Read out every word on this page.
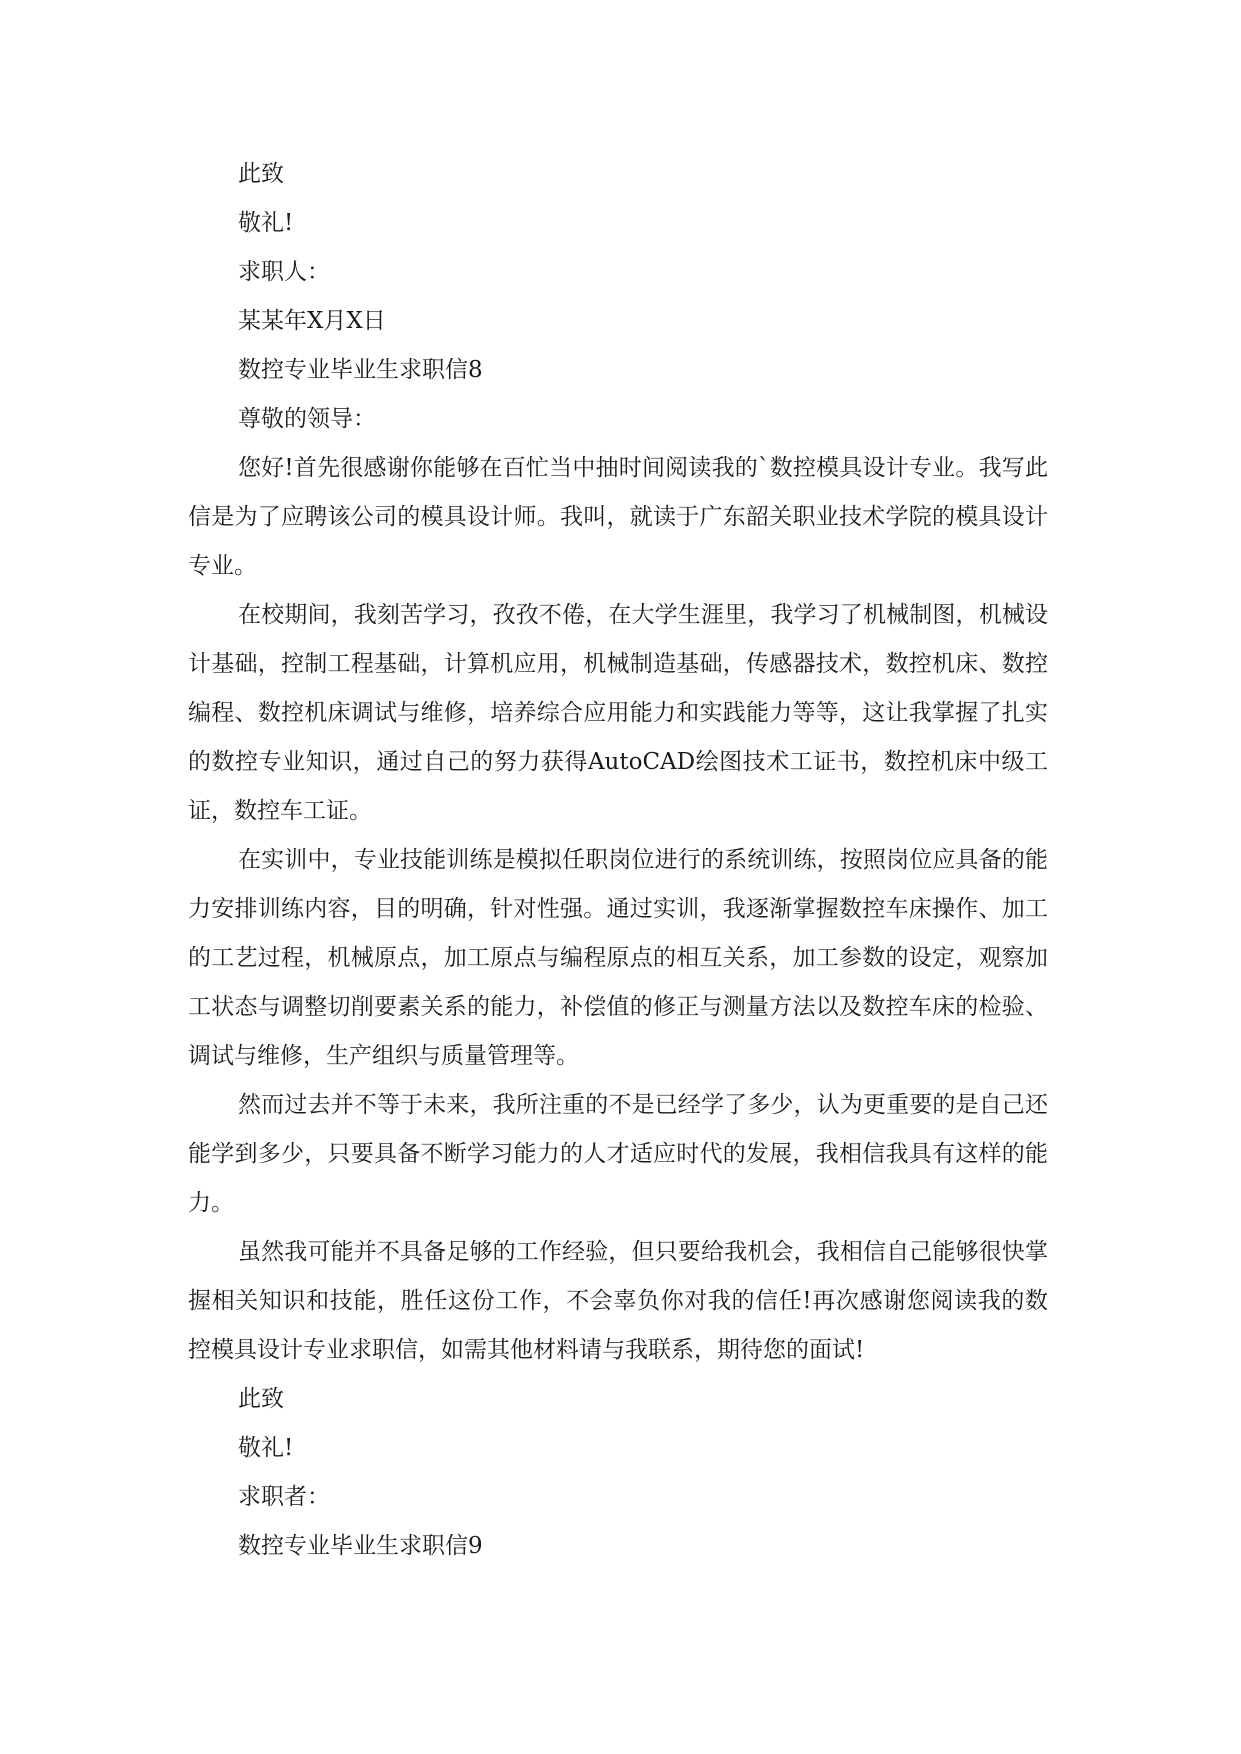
此致
敬礼!
求职人：
某某年X月X日
数控专业毕业生求职信8
尊敬的领导：

您好!首先很感谢你能够在百忙当中抽时间阅读我的`数控模具设计专业。我写此信是为了应聘该公司的模具设计师。我叫，就读于广东韶关职业技术学院的模具设计专业。

在校期间，我刻苦学习，孜孜不倦，在大学生涯里，我学习了机械制图，机械设计基础，控制工程基础，计算机应用，机械制造基础，传感器技术，数控机床、数控编程、数控机床调试与维修，培养综合应用能力和实践能力等等，这让我掌握了扎实的数控专业知识，通过自己的努力获得AutoCAD绘图技术工证书，数控机床中级工证，数控车工证。

在实训中，专业技能训练是模拟任职岗位进行的系统训练，按照岗位应具备的能力安排训练内容，目的明确，针对性强。通过实训，我逐渐掌握数控车床操作、加工的工艺过程，机械原点，加工原点与编程原点的相互关系，加工参数的设定，观察加工状态与调整切削要素关系的能力，补偿值的修正与测量方法以及数控车床的检验、调试与维修，生产组织与质量管理等。

然而过去并不等于未来，我所注重的不是已经学了多少，认为更重要的是自己还能学到多少，只要具备不断学习能力的人才适应时代的发展，我相信我具有这样的能力。

虽然我可能并不具备足够的工作经验，但只要给我机会，我相信自己能够很快掌握相关知识和技能，胜任这份工作，不会辜负你对我的信任!再次感谢您阅读我的数控模具设计专业求职信，如需其他材料请与我联系，期待您的面试!

此致
敬礼!
求职者：
数控专业毕业生求职信9
